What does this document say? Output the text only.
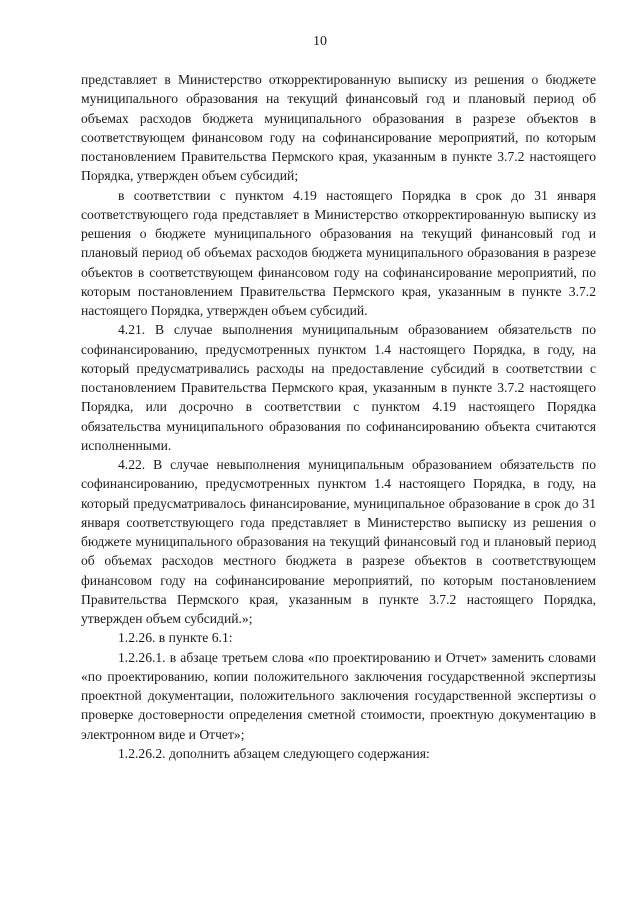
10

представляет в Министерство откорректированную выписку из решения о бюджете муниципального образования на текущий финансовый год и плановый период об объемах расходов бюджета муниципального образования в разрезе объектов в соответствующем финансовом году на софинансирование мероприятий, по которым постановлением Правительства Пермского края, указанным в пункте 3.7.2 настоящего Порядка, утвержден объем субсидий;

в соответствии с пунктом 4.19 настоящего Порядка в срок до 31 января соответствующего года представляет в Министерство откорректированную выписку из решения о бюджете муниципального образования на текущий финансовый год и плановый период об объемах расходов бюджета муниципального образования в разрезе объектов в соответствующем финансовом году на софинансирование мероприятий, по которым постановлением Правительства Пермского края, указанным в пункте 3.7.2 настоящего Порядка, утвержден объем субсидий.

4.21. В случае выполнения муниципальным образованием обязательств по софинансированию, предусмотренных пунктом 1.4 настоящего Порядка, в году, на который предусматривались расходы на предоставление субсидий в соответствии с постановлением Правительства Пермского края, указанным в пункте 3.7.2 настоящего Порядка, или досрочно в соответствии с пунктом 4.19 настоящего Порядка обязательства муниципального образования по софинансированию объекта считаются исполненными.

4.22. В случае невыполнения муниципальным образованием обязательств по софинансированию, предусмотренных пунктом 1.4 настоящего Порядка, в году, на который предусматривалось финансирование, муниципальное образование в срок до 31 января соответствующего года представляет в Министерство выписку из решения о бюджете муниципального образования на текущий финансовый год и плановый период об объемах расходов местного бюджета в разрезе объектов в соответствующем финансовом году на софинансирование мероприятий, по которым постановлением Правительства Пермского края, указанным в пункте 3.7.2 настоящего Порядка, утвержден объем субсидий.»;

1.2.26. в пункте 6.1:

1.2.26.1. в абзаце третьем слова «по проектированию и Отчет» заменить словами «по проектированию, копии положительного заключения государственной экспертизы проектной документации, положительного заключения государственной экспертизы о проверке достоверности определения сметной стоимости, проектную документацию в электронном виде и Отчет»;

1.2.26.2. дополнить абзацем следующего содержания:
